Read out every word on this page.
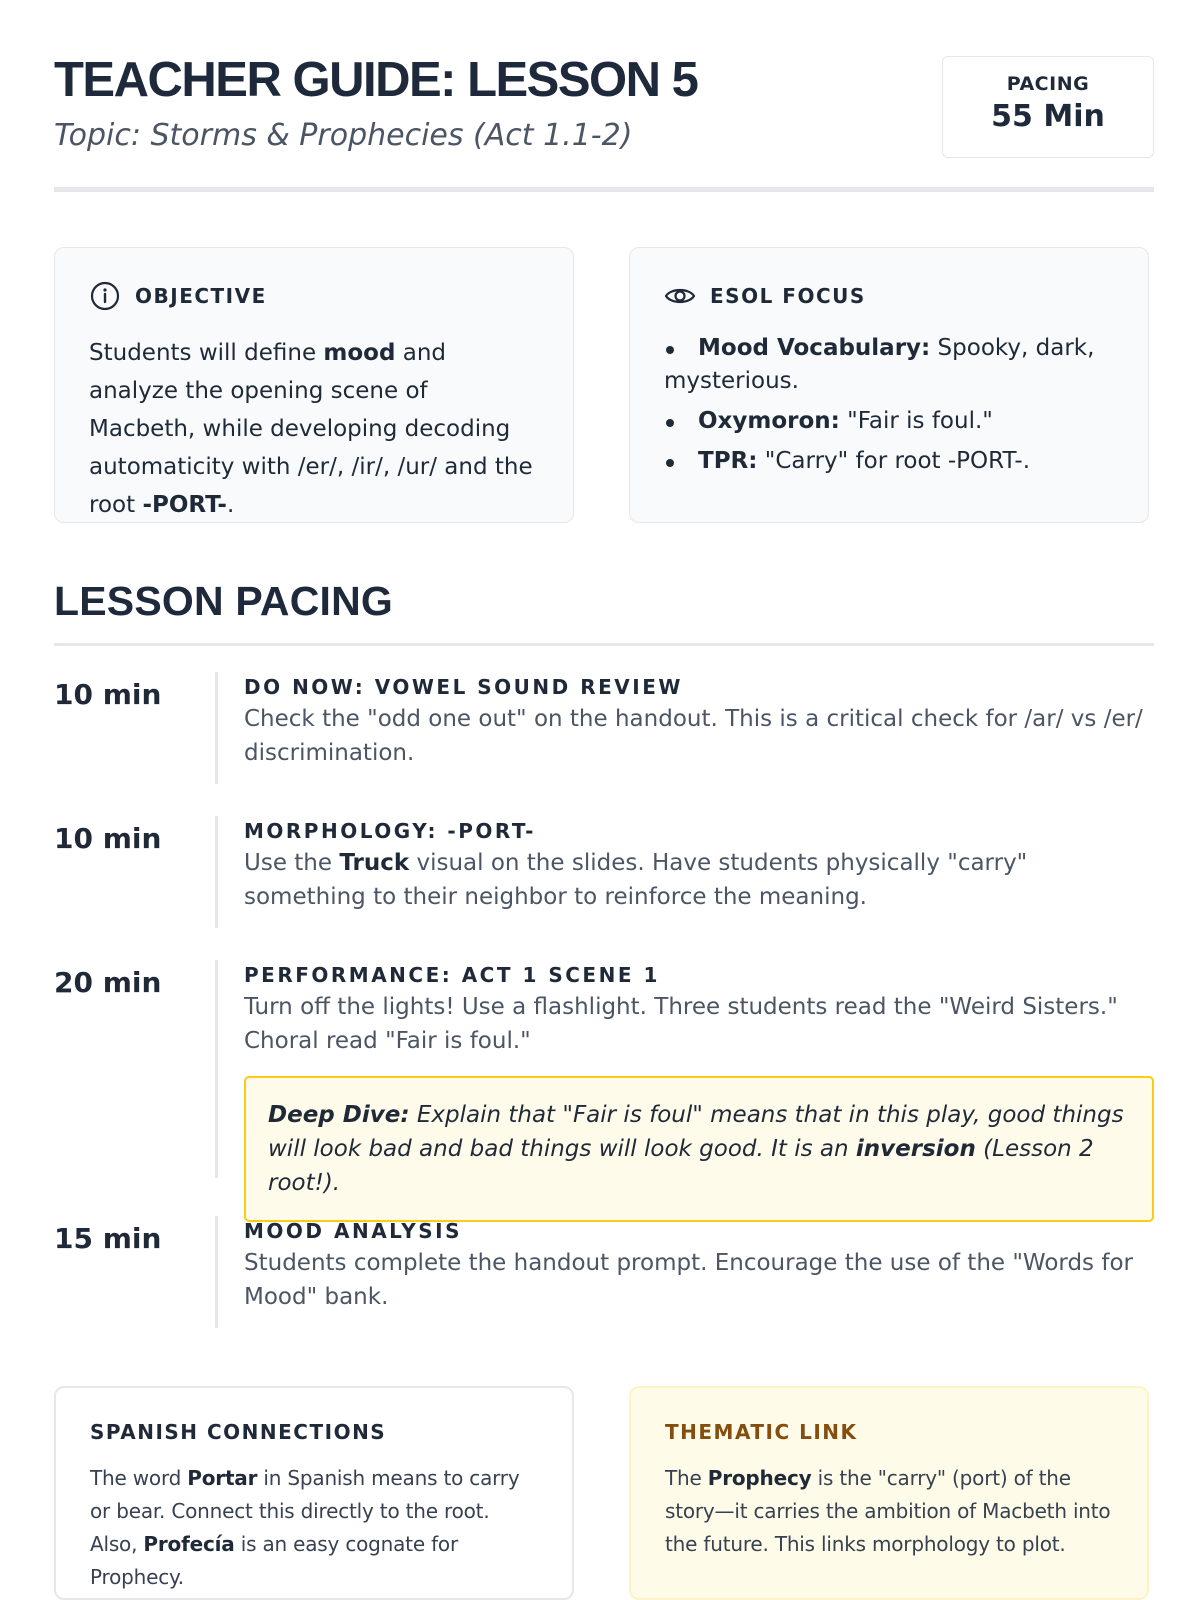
TEACHER GUIDE: LESSON 5
Topic: Storms & Prophecies (Act 1.1-2)
PACING
55 Min
OBJECTIVE

Students will define mood and analyze the opening scene of Macbeth, while developing decoding automaticity with /er/, /ir/, /ur/ and the root -PORT-.

ESOL FOCUS
Mood Vocabulary: Spooky, dark, mysterious.
Oxymoron: "Fair is foul."
TPR: "Carry" for root -PORT-.
LESSON PACING
10 min	DO NOW: VOWEL SOUND REVIEW
Check the "odd one out" on the handout. This is a critical check for /ar/ vs /er/ discrimination.
10 min	MORPHOLOGY: -PORT-
Use the Truck visual on the slides. Have students physically "carry" something to their neighbor to reinforce the meaning.
20 min	PERFORMANCE: ACT 1 SCENE 1
Turn off the lights! Use a flashlight. Three students read the "Weird Sisters." Choral read "Fair is foul."
Deep Dive: Explain that "Fair is foul" means that in this play, good things will look bad and bad things will look good. It is an inversion (Lesson 2 root!).
15 min	MOOD ANALYSIS
Students complete the handout prompt. Encourage the use of the "Words for Mood" bank.
SPANISH CONNECTIONS

The word Portar in Spanish means to carry or bear. Connect this directly to the root. Also, Profecía is an easy cognate for Prophecy.

THEMATIC LINK

The Prophecy is the "carry" (port) of the story—it carries the ambition of Macbeth into the future. This links morphology to plot.
